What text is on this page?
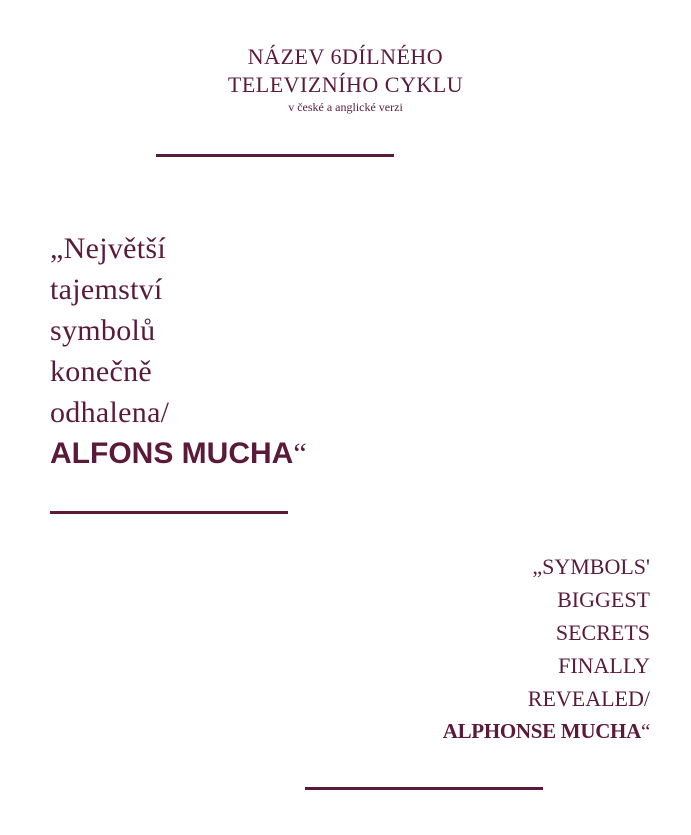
NÁZEV 6DÍLNÉHO
TELEVIZNÍHO CYKLU
v české a anglické verzi
„Největší
tajemství
symbolů
konečně
odhalena/
ALFONS MUCHA“
„SYMBOLS'
BIGGEST
SECRETS
FINALLY
REVEALED/
ALPHONSE MUCHA“
